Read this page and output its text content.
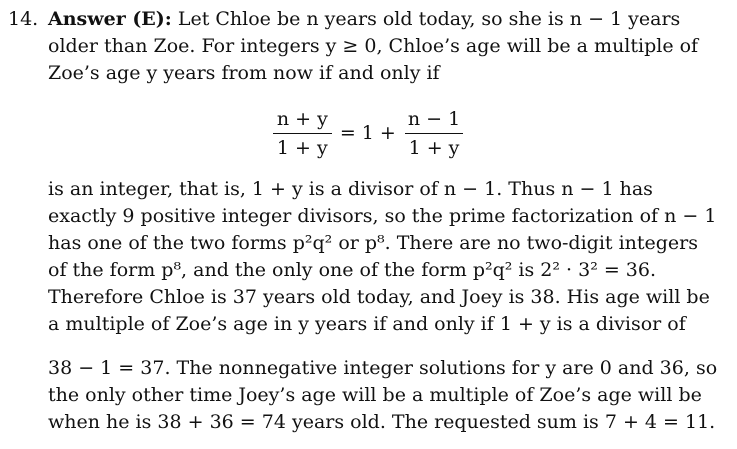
14. Answer (E): Let Chloe be n years old today, so she is n − 1 years
older than Zoe. For integers y ≥ 0, Chloe’s age will be a multiple of
Zoe’s age y years from now if and only if
$\frac{n + y}{1 + y} = 1 + \frac{n - 1}{1 + y}$
is an integer, that is, 1 + y is a divisor of n − 1. Thus n − 1 has
exactly 9 positive integer divisors, so the prime factorization of n − 1
has one of the two forms p²q² or p⁸. There are no two-digit integers
of the form p⁸, and the only one of the form p²q² is 2² · 3² = 36.
Therefore Chloe is 37 years old today, and Joey is 38. His age will be
a multiple of Zoe’s age in y years if and only if 1 + y is a divisor of
38 − 1 = 37. The nonnegative integer solutions for y are 0 and 36, so
the only other time Joey’s age will be a multiple of Zoe’s age will be
when he is 38 + 36 = 74 years old. The requested sum is 7 + 4 = 11.
